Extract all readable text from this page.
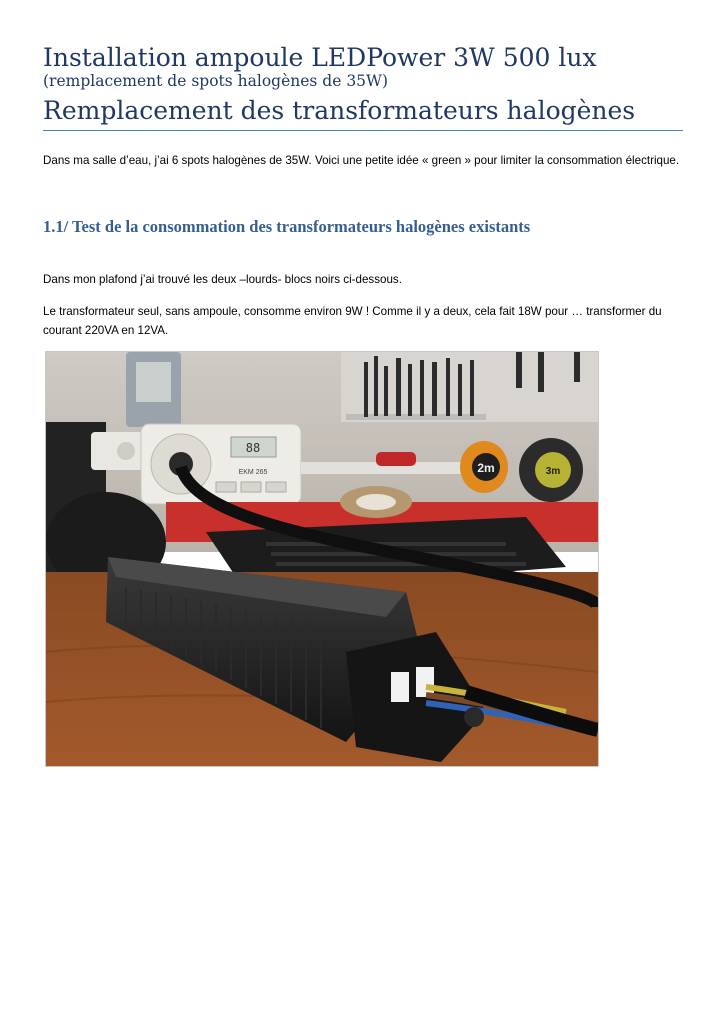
Installation ampoule LEDPower 3W 500 lux (remplacement de spots halogènes de 35W)
Remplacement des transformateurs halogènes
Dans ma salle d’eau, j’ai 6 spots halogènes de 35W. Voici une petite idée « green » pour limiter la consommation électrique.
1.1/ Test de la consommation des transformateurs halogènes existants
Dans mon plafond j’ai trouvé les deux –lourds- blocs noirs ci-dessous.
Le transformateur seul, sans ampoule, consomme environ 9W ! Comme il y a deux, cela fait 18W pour … transformer du courant 220VA en 12VA.
88
EKM 265	2m	3m
